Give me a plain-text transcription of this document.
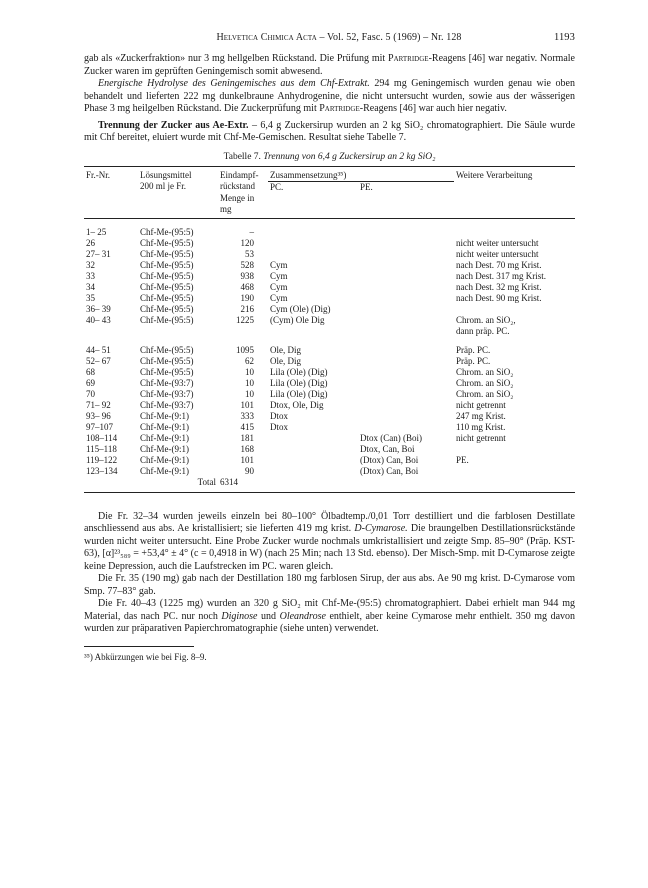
Helvetica Chimica Acta – Vol. 52, Fasc. 5 (1969) – Nr. 128	1193

gab als «Zuckerfraktion» nur 3 mg hellgelben Rückstand. Die Prüfung mit Partridge-Reagens [46] war negativ. Normale Zucker waren im geprüften Geningemisch somit abwesend.

Energische Hydrolyse des Geningemisches aus dem Chf-Extrakt. 294 mg Geningemisch wurden genau wie oben behandelt und lieferten 222 mg dunkelbraune Anhydrogenine, die nicht untersucht wurden, sowie aus der wässerigen Phase 3 mg heilgelben Rückstand. Die Zuckerprüfung mit Partridge-Reagens [46] war auch hier negativ.

Trennung der Zucker aus Ae-Extr. – 6,4 g Zuckersirup wurden an 2 kg SiO₂ chromatographiert. Die Säule wurde mit Chf bereitet, eluiert wurde mit Chf-Me-Gemischen. Resultat siehe Tabelle 7.

Tabelle 7. Trennung von 6,4 g Zuckersirup an 2 kg SiO₂
Fr.-Nr.	Lösungsmittel	Eindampf-	Zusammensetzung³⁵)		Weitere Verarbeitung
	200 ml je Fr.	rückstand	PC.	PE.	
		Menge in			
		mg			

1– 25	Chf-Me-(95:5)	–			
26	Chf-Me-(95:5)	120			nicht weiter untersucht
27– 31	Chf-Me-(95:5)	53			nicht weiter untersucht
32	Chf-Me-(95:5)	528	Cym		nach Dest. 70 mg Krist.
33	Chf-Me-(95:5)	938	Cym		nach Dest. 317 mg Krist.
34	Chf-Me-(95:5)	468	Cym		nach Dest. 32 mg Krist.
35	Chf-Me-(95:5)	190	Cym		nach Dest. 90 mg Krist.
36– 39	Chf-Me-(95:5)	216	Cym (Ole) (Dig)		
40– 43	Chf-Me-(95:5)	1225	(Cym) Ole Dig		Chrom. an SiO₂,
					dann präp. PC.

44– 51	Chf-Me-(95:5)	1095	Ole, Dig		Präp. PC.
52– 67	Chf-Me-(95:5)	62	Ole, Dig		Präp. PC.
68	Chf-Me-(95:5)	10	Lila (Ole) (Dig)		Chrom. an SiO₂
69	Chf-Me-(93:7)	10	Lila (Ole) (Dig)		Chrom. an SiO₂
70	Chf-Me-(93:7)	10	Lila (Ole) (Dig)		Chrom. an SiO₂
71– 92	Chf-Me-(93:7)	101	Dtox, Ole, Dig		nicht getrennt
93– 96	Chf-Me-(9:1)	333	Dtox		247 mg Krist.
97–107	Chf-Me-(9:1)	415	Dtox		110 mg Krist.
108–114	Chf-Me-(9:1)	181		Dtox (Can) (Boi)	nicht getrennt
115–118	Chf-Me-(9:1)	168		Dtox, Can, Boi	
119–122	Chf-Me-(9:1)	101		(Dtox) Can, Boi	PE.
123–134	Chf-Me-(9:1)	90		(Dtox) Can, Boi	
	Total	6314			

Die Fr. 32–34 wurden jeweils einzeln bei 80–100° Ölbadtemp./0,01 Torr destilliert und die farblosen Destillate anschliessend aus abs. Ae kristallisiert; sie lieferten 419 mg krist. D-Cymarose. Die braungelben Destillationsrückstände wurden nicht weiter untersucht. Eine Probe Zucker wurde nochmals umkristallisiert und zeigte Smp. 85–90° (Präp. KST-63), [α]²³₅₈₉ = +53,4° ± 4° (c = 0,4918 in W) (nach 25 Min; nach 13 Std. ebenso). Der Misch-Smp. mit D-Cymarose zeigte keine Depression, auch die Laufstrecken im PC. waren gleich.

Die Fr. 35 (190 mg) gab nach der Destillation 180 mg farblosen Sirup, der aus abs. Ae 90 mg krist. D-Cymarose vom Smp. 77–83° gab.

Die Fr. 40–43 (1225 mg) wurden an 320 g SiO₂ mit Chf-Me-(95:5) chromatographiert. Dabei erhielt man 944 mg Material, das nach PC. nur noch Diginose und Oleandrose enthielt, aber keine Cymarose mehr enthielt. 350 mg davon wurden zur präparativen Papierchromatographie (siehe unten) verwendet.

³⁵) Abkürzungen wie bei Fig. 8–9.
